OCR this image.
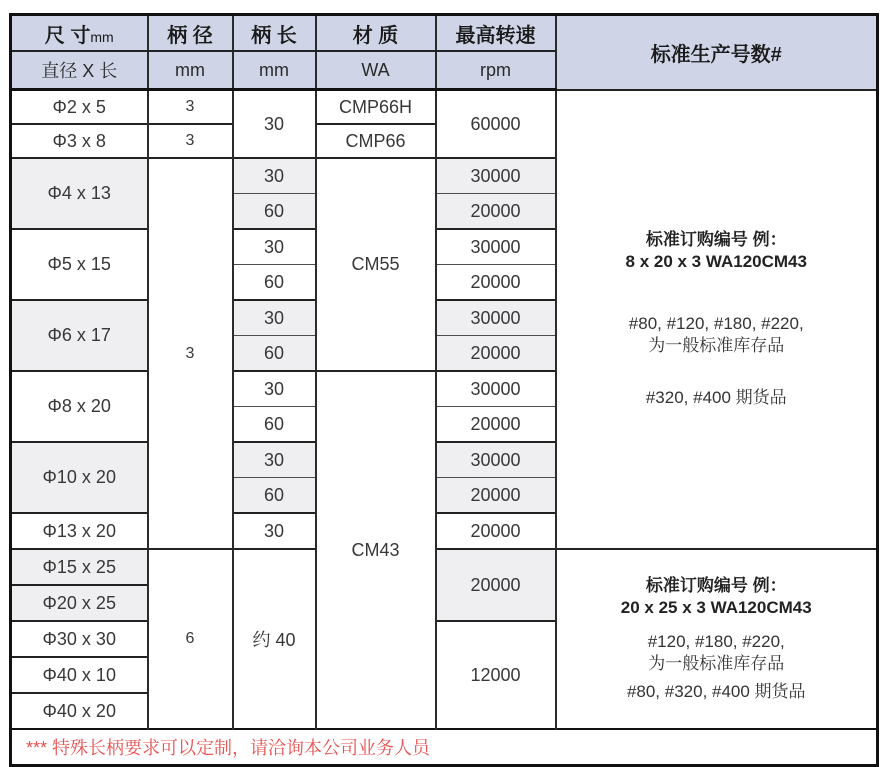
尺 寸mm	柄 径	柄 长	材 质	最高转速	标准生产号数#
直径 X 长	mm	mm	WA	rpm	
Φ2 x 5	3	30	CMP66H	60000	标准订购编号 例：
8 x 20 x 3 WA120CM43
#80, #120, #180, #220,
为一般标准库存品
#320, #400 期货品

Φ3 x 8	3		CMP66		
Φ4 x 13	3	30	CM55	30000	
		60		20000	
Φ5 x 15		30		30000	
		60		20000	
Φ6 x 17		30		30000	
		60		20000	
Φ8 x 20		30	CM43	30000	
		60		20000	
Φ10 x 20		30		30000	
		60		20000	
Φ13 x 20		30		20000	
Φ15 x 25	6	约 40		20000	标准订购编号 例：
20 x 25 x 3 WA120CM43
#120, #180, #220,
为一般标准库存品
#80, #320, #400 期货品

Φ20 x 25					
Φ30 x 30				12000	
Φ40 x 10					
Φ40 x 20					
*** 特殊长柄要求可以定制，请洽询本公司业务人员					
